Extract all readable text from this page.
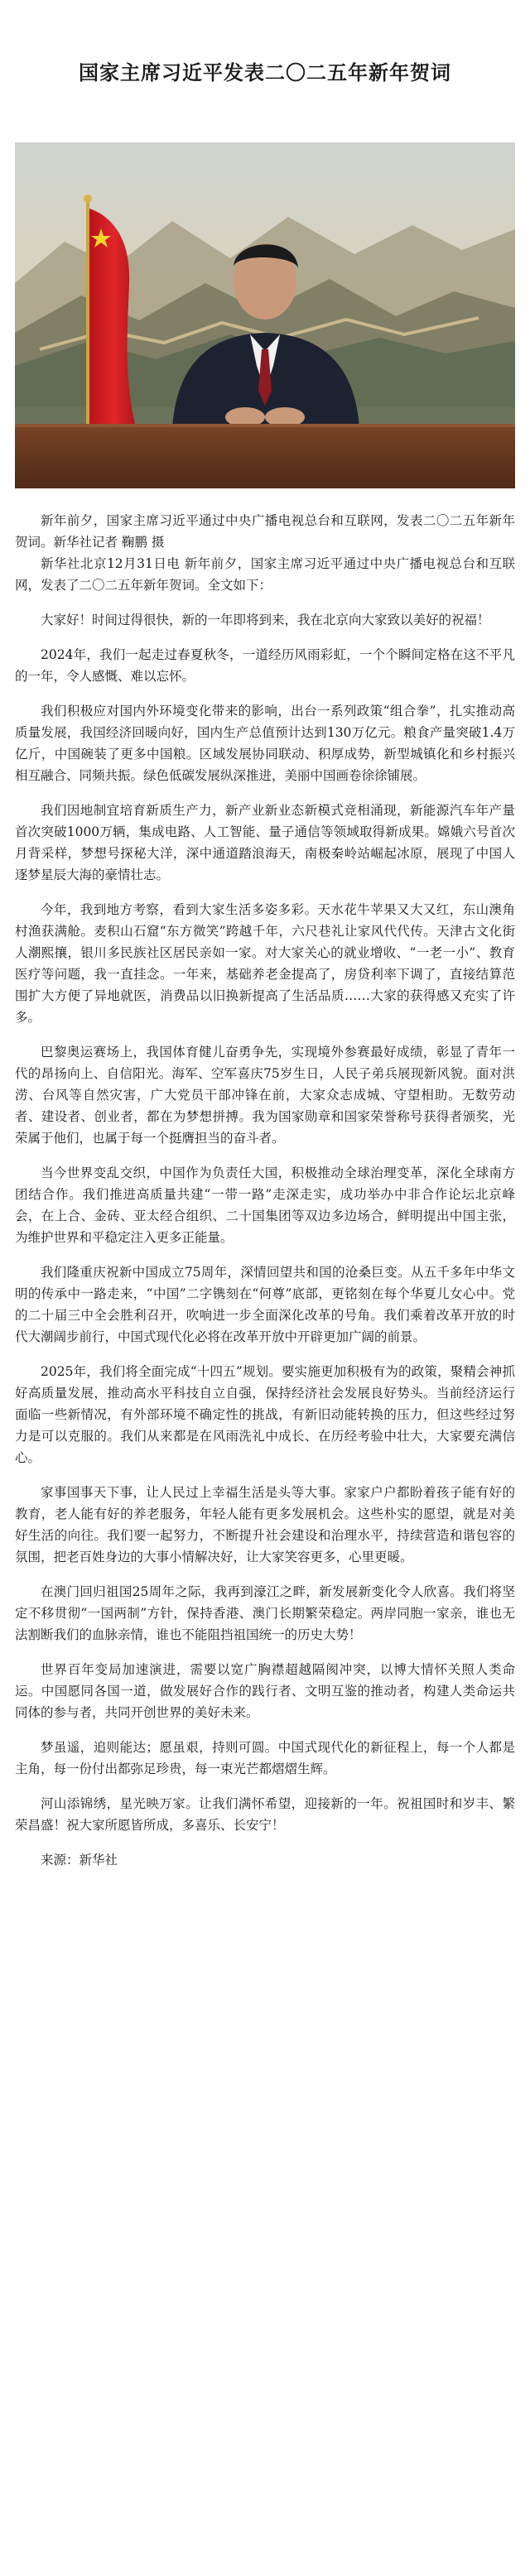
国家主席习近平发表二〇二五年新年贺词

新年前夕，国家主席习近平通过中央广播电视总台和互联网，发表二〇二五年新年贺词。新华社记者 鞠鹏 摄

新华社北京12月31日电 新年前夕，国家主席习近平通过中央广播电视总台和互联网，发表了二〇二五年新年贺词。全文如下：

大家好！时间过得很快，新的一年即将到来，我在北京向大家致以美好的祝福！

2024年，我们一起走过春夏秋冬，一道经历风雨彩虹，一个个瞬间定格在这不平凡的一年，令人感慨、难以忘怀。

我们积极应对国内外环境变化带来的影响，出台一系列政策“组合拳”，扎实推动高质量发展，我国经济回暖向好，国内生产总值预计达到130万亿元。粮食产量突破1.4万亿斤，中国碗装了更多中国粮。区域发展协同联动、积厚成势，新型城镇化和乡村振兴相互融合、同频共振。绿色低碳发展纵深推进，美丽中国画卷徐徐铺展。

我们因地制宜培育新质生产力，新产业新业态新模式竞相涌现，新能源汽车年产量首次突破1000万辆，集成电路、人工智能、量子通信等领域取得新成果。嫦娥六号首次月背采样，梦想号探秘大洋，深中通道踏浪海天，南极秦岭站崛起冰原，展现了中国人逐梦星辰大海的豪情壮志。

今年，我到地方考察，看到大家生活多姿多彩。天水花牛苹果又大又红，东山澳角村渔获满舱。麦积山石窟“东方微笑”跨越千年，六尺巷礼让家风代代传。天津古文化街人潮熙攘，银川多民族社区居民亲如一家。对大家关心的就业增收、“一老一小”、教育医疗等问题，我一直挂念。一年来，基础养老金提高了，房贷利率下调了，直接结算范围扩大方便了异地就医，消费品以旧换新提高了生活品质……大家的获得感又充实了许多。

巴黎奥运赛场上，我国体育健儿奋勇争先，实现境外参赛最好成绩，彰显了青年一代的昂扬向上、自信阳光。海军、空军喜庆75岁生日，人民子弟兵展现新风貌。面对洪涝、台风等自然灾害，广大党员干部冲锋在前，大家众志成城、守望相助。无数劳动者、建设者、创业者，都在为梦想拼搏。我为国家勋章和国家荣誉称号获得者颁奖，光荣属于他们，也属于每一个挺膺担当的奋斗者。

当今世界变乱交织，中国作为负责任大国，积极推动全球治理变革，深化全球南方团结合作。我们推进高质量共建“一带一路”走深走实，成功举办中非合作论坛北京峰会，在上合、金砖、亚太经合组织、二十国集团等双边多边场合，鲜明提出中国主张，为维护世界和平稳定注入更多正能量。

我们隆重庆祝新中国成立75周年，深情回望共和国的沧桑巨变。从五千多年中华文明的传承中一路走来，“中国”二字镌刻在“何尊”底部，更铭刻在每个华夏儿女心中。党的二十届三中全会胜利召开，吹响进一步全面深化改革的号角。我们乘着改革开放的时代大潮阔步前行，中国式现代化必将在改革开放中开辟更加广阔的前景。

2025年，我们将全面完成“十四五”规划。要实施更加积极有为的政策，聚精会神抓好高质量发展，推动高水平科技自立自强，保持经济社会发展良好势头。当前经济运行面临一些新情况，有外部环境不确定性的挑战，有新旧动能转换的压力，但这些经过努力是可以克服的。我们从来都是在风雨洗礼中成长、在历经考验中壮大，大家要充满信心。

家事国事天下事，让人民过上幸福生活是头等大事。家家户户都盼着孩子能有好的教育，老人能有好的养老服务，年轻人能有更多发展机会。这些朴实的愿望，就是对美好生活的向往。我们要一起努力，不断提升社会建设和治理水平，持续营造和谐包容的氛围，把老百姓身边的大事小情解决好，让大家笑容更多，心里更暖。

在澳门回归祖国25周年之际，我再到濠江之畔，新发展新变化令人欣喜。我们将坚定不移贯彻“一国两制”方针，保持香港、澳门长期繁荣稳定。两岸同胞一家亲，谁也无法割断我们的血脉亲情，谁也不能阻挡祖国统一的历史大势！

世界百年变局加速演进，需要以宽广胸襟超越隔阂冲突，以博大情怀关照人类命运。中国愿同各国一道，做发展好合作的践行者、文明互鉴的推动者，构建人类命运共同体的参与者，共同开创世界的美好未来。

梦虽遥，追则能达；愿虽艰，持则可圆。中国式现代化的新征程上，每一个人都是主角，每一份付出都弥足珍贵，每一束光芒都熠熠生辉。

河山添锦绣，星光映万家。让我们满怀希望，迎接新的一年。祝祖国时和岁丰、繁荣昌盛！祝大家所愿皆所成，多喜乐、长安宁！

来源：新华社
